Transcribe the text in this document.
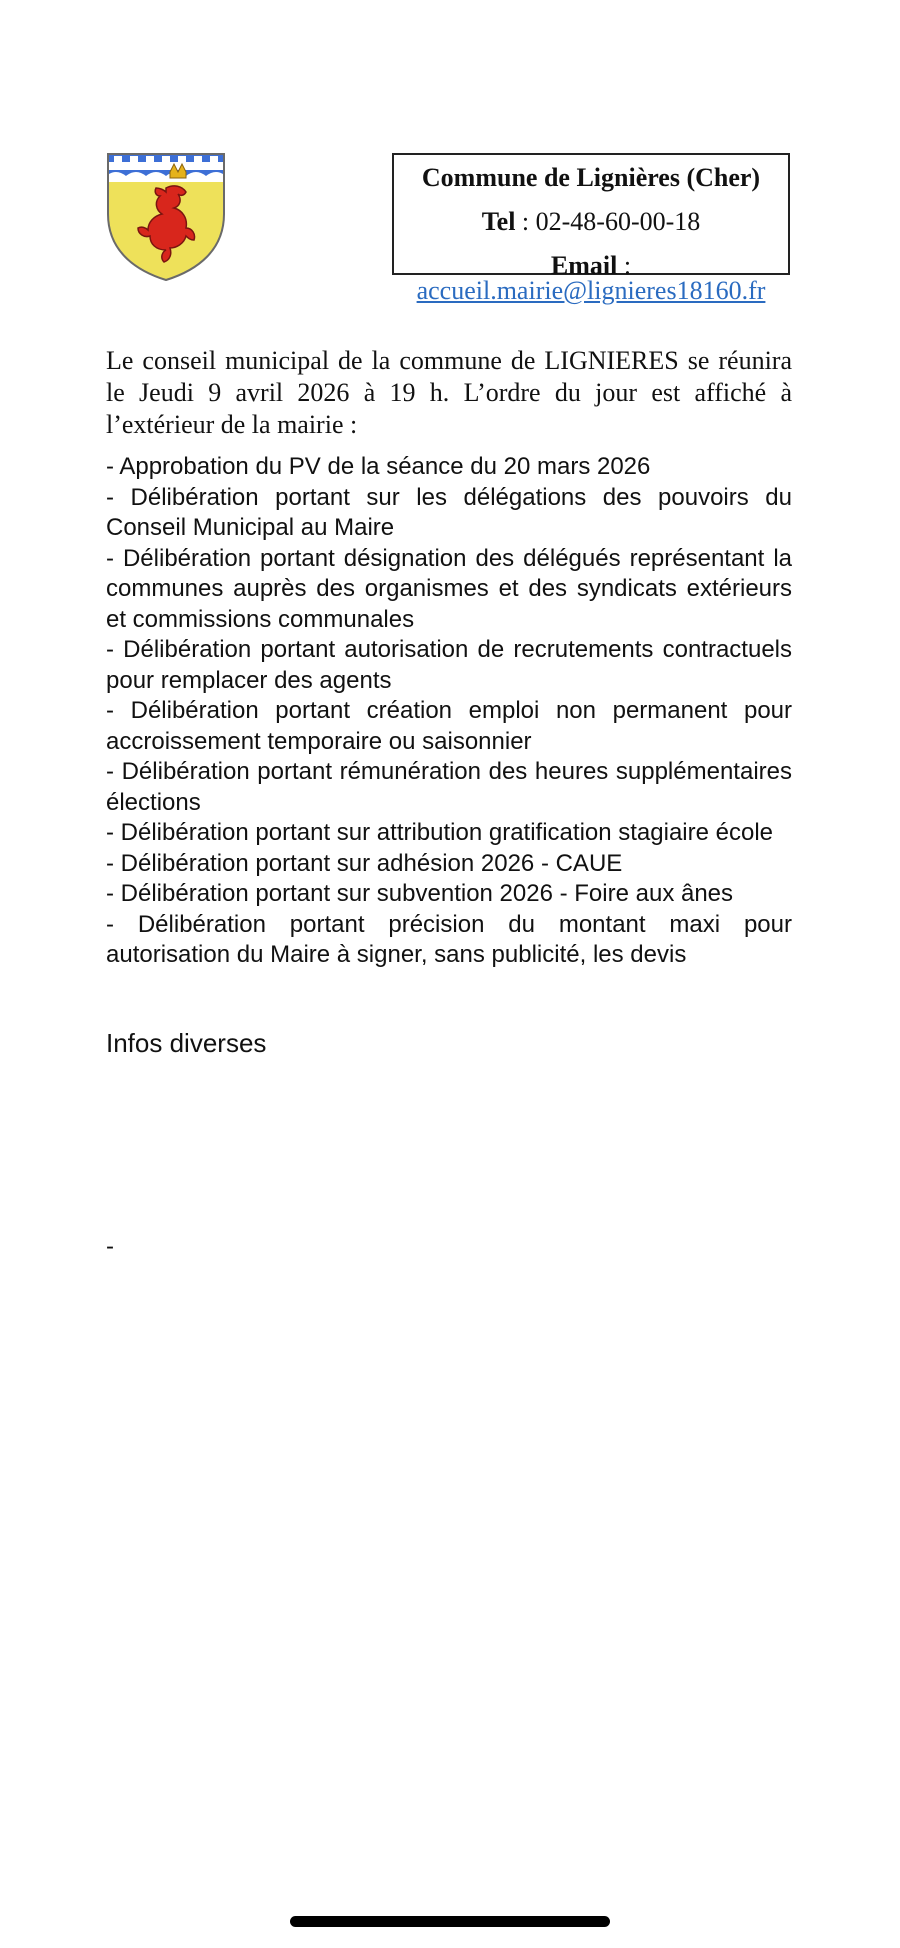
Commune de Lignières (Cher)
Tel : 02-48-60-00-18
Email :
accueil.mairie@lignieres18160.fr

Le conseil municipal de la commune de LIGNIERES se réunira le Jeudi 9 avril 2026 à 19 h. L’ordre du jour est affiché à l’extérieur de la mairie :

- Approbation du PV de la séance du 20 mars 2026
- Délibération portant sur les délégations des pouvoirs du Conseil Municipal au Maire
- Délibération portant désignation des délégués représentant la communes auprès des organismes et des syndicats extérieurs et commissions communales
- Délibération portant autorisation de recrutements contractuels pour remplacer des agents
- Délibération portant création emploi non permanent pour accroissement temporaire ou saisonnier
- Délibération portant rémunération des heures supplémentaires élections
- Délibération portant sur attribution gratification stagiaire école
- Délibération portant sur adhésion 2026 - CAUE
- Délibération portant sur subvention 2026 - Foire aux ânes
- Délibération portant précision du montant maxi pour autorisation du Maire à signer, sans publicité, les devis
Infos diverses
-
